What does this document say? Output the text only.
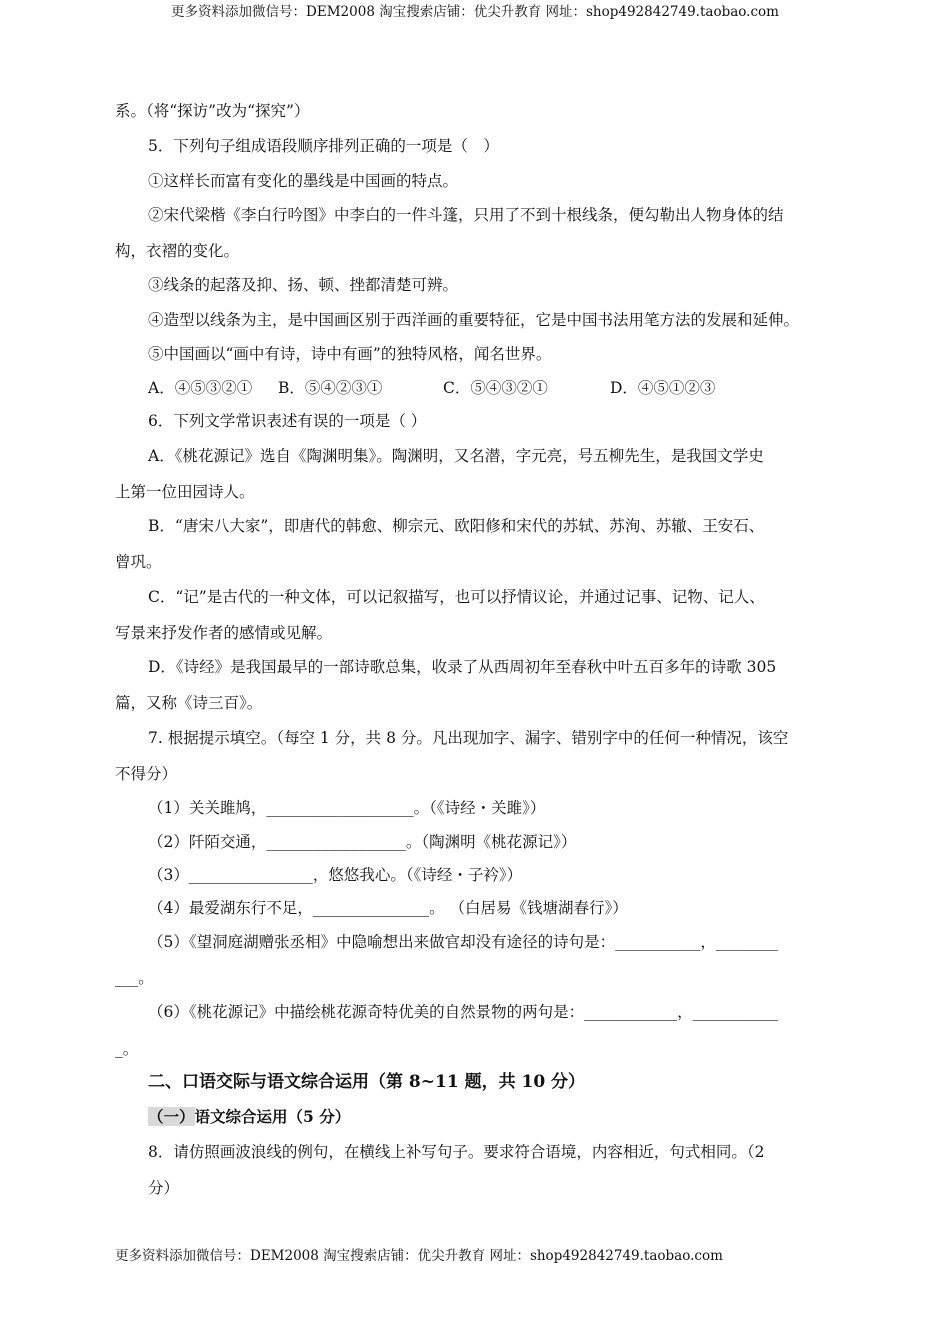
更多资料添加微信号：DEM2008 淘宝搜索店铺：优尖升教育 网址：shop492842749.taobao.com
系。（将“探访”改为“探究”）
5．下列句子组成语段顺序排列正确的一项是（　）
①这样长而富有变化的墨线是中国画的特点。
②宋代梁楷《李白行吟图》中李白的一件斗篷，只用了不到十根线条，便勾勒出人物身体的结
构，衣褶的变化。
③线条的起落及抑、扬、顿、挫都清楚可辨。
④造型以线条为主，是中国画区别于西洋画的重要特征，它是中国书法用笔方法的发展和延伸。
⑤中国画以“画中有诗，诗中有画”的独特风格，闻名世界。
A．④⑤③②① B．⑤④②③①	C．⑤④③②①	D．④⑤①②③
6．下列文学常识表述有误的一项是（ ）
A．《桃花源记》选自《陶渊明集》。陶渊明，又名潜，字元亮，号五柳先生，是我国文学史
上第一位田园诗人。
B．“唐宋八大家”，即唐代的韩愈、柳宗元、欧阳修和宋代的苏轼、苏洵、苏辙、王安石、
曾巩。
C．“记”是古代的一种文体，可以记叙描写，也可以抒情议论，并通过记事、记物、记人、
写景来抒发作者的感情或见解。
D．《诗经》是我国最早的一部诗歌总集，收录了从西周初年至春秋中叶五百多年的诗歌 305
篇，又称《诗三百》。
7. 根据提示填空。（每空 1 分，共 8 分。凡出现加字、漏字、错别字中的任何一种情况，该空
不得分）
（1）关关雎鸠，___________________。（《诗经・关雎》）
（2）阡陌交通，__________________。（陶渊明《桃花源记》）
（3）________________，悠悠我心。（《诗经・子衿》）
（4）最爱湖东行不足，_______________。 （白居易《钱塘湖春行》）
（5）《望洞庭湖赠张丞相》中隐喻想出来做官却没有途径的诗句是：___________，________
___。
（6）《桃花源记》中描绘桃花源奇特优美的自然景物的两句是：____________，___________
_。
二、口语交际与语文综合运用（第 8~11 题，共 10 分）
（一）语文综合运用（5 分）
8．请仿照画波浪线的例句，在横线上补写句子。要求符合语境，内容相近，句式相同。（2
分）
更多资料添加微信号：DEM2008 淘宝搜索店铺：优尖升教育 网址：shop492842749.taobao.com
